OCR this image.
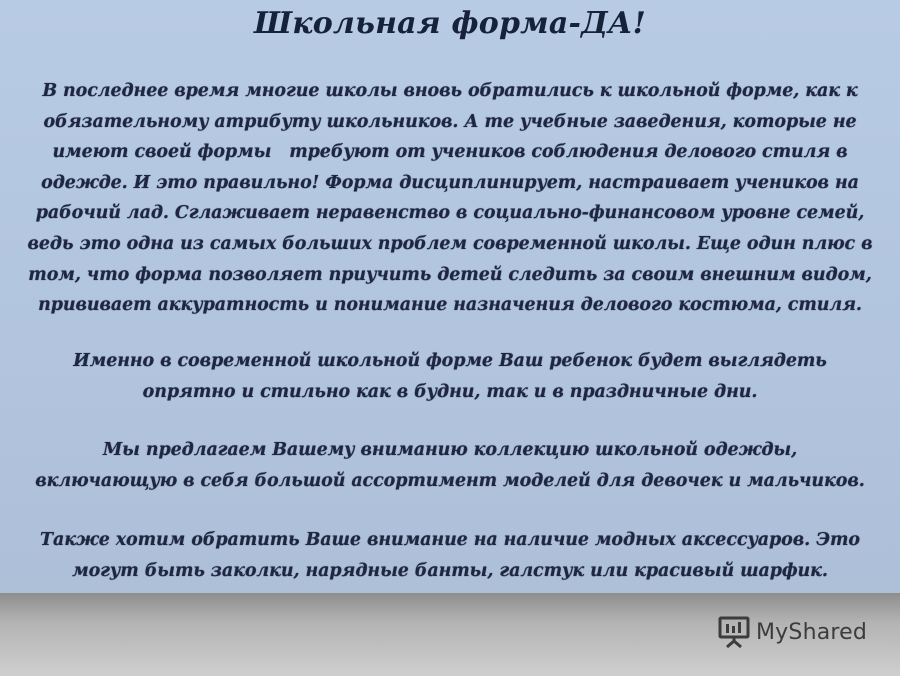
Школьная форма-ДА!
В последнее время многие школы вновь обратились к школьной форме, как к
обязательному атрибуту школьников. А те учебные заведения, которые не
имеют своей формы   требуют от учеников соблюдения делового стиля в
одежде. И это правильно! Форма дисциплинирует, настраивает учеников на
рабочий лад. Сглаживает неравенство в социально-финансовом уровне семей,
ведь это одна из самых больших проблем современной школы. Еще один плюс в
том, что форма позволяет приучить детей следить за своим внешним видом,
прививает аккуратность и понимание назначения делового костюма, стиля.
Именно в современной школьной форме Ваш ребенок будет выглядеть
опрятно и стильно как в будни, так и в праздничные дни.
Мы предлагаем Вашему вниманию коллекцию школьной одежды,
включающую в себя большой ассортимент моделей для девочек и мальчиков.
Также хотим обратить Ваше внимание на наличие модных аксессуаров. Это
могут быть заколки, нарядные банты, галстук или красивый шарфик.
MyShared
